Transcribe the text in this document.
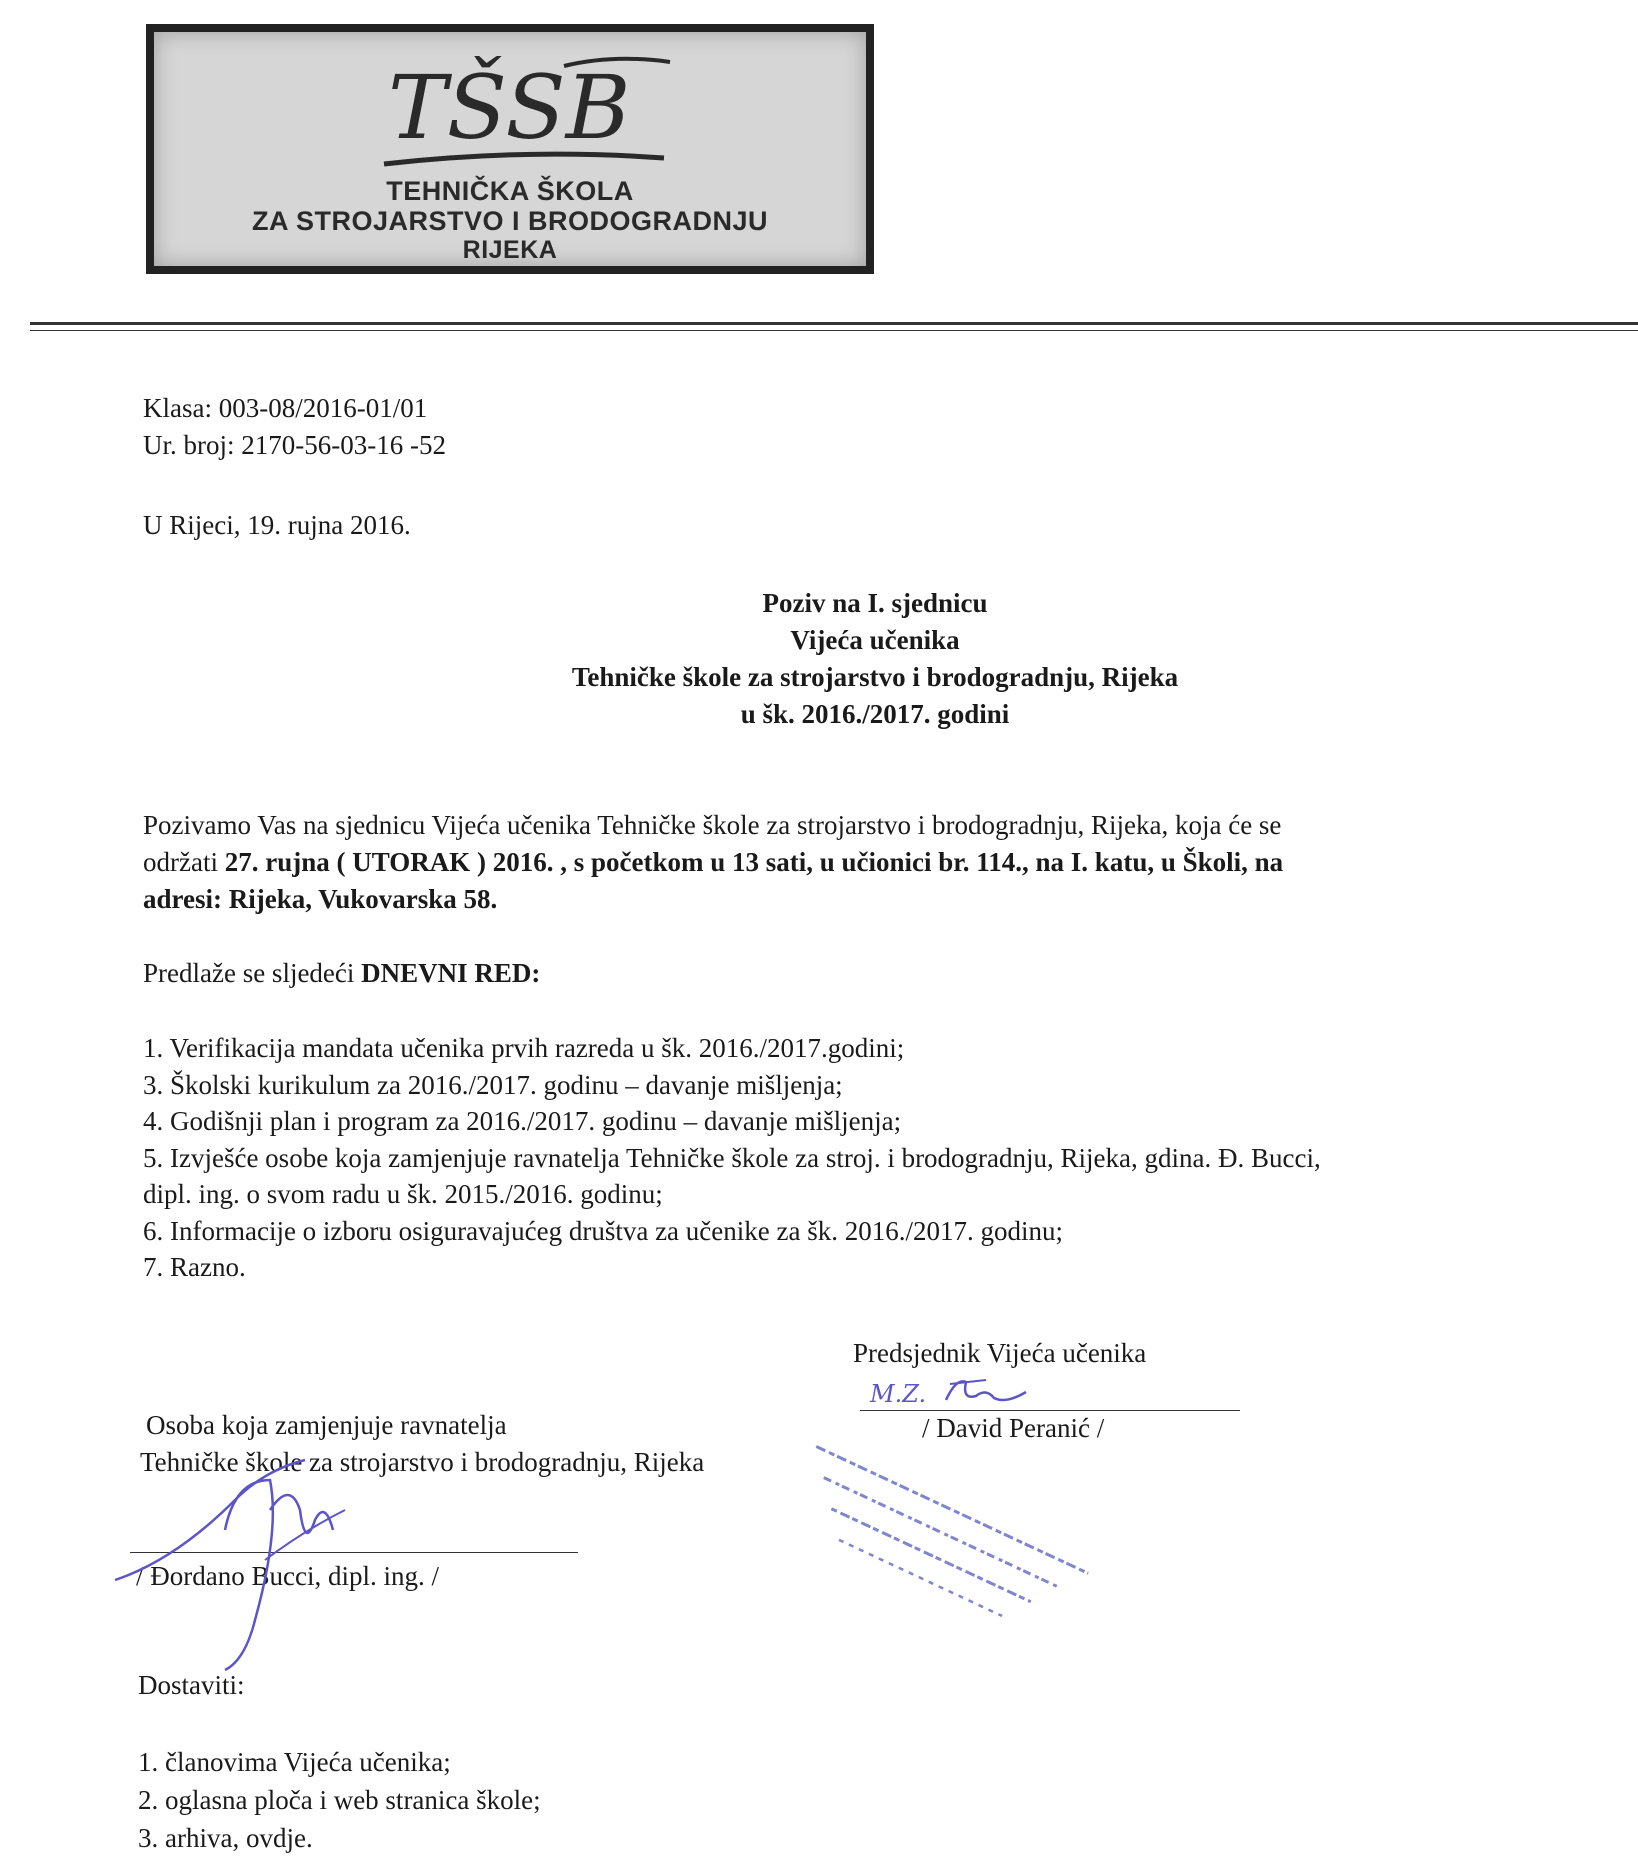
TŠSB
TEHNIČKA ŠKOLA
ZA STROJARSTVO I BRODOGRADNJU
RIJEKA
Klasa: 003-08/2016-01/01
Ur. broj: 2170-56-03-16 -52
U Rijeci, 19. rujna 2016.
Poziv na I. sjednicu
Vijeća učenika
Tehničke škole za strojarstvo i brodogradnju, Rijeka
u šk. 2016./2017. godini
Pozivamo Vas na sjednicu Vijeća učenika Tehničke škole za strojarstvo i brodogradnju, Rijeka, koja će se
održati 27. rujna ( UTORAK ) 2016. , s početkom u 13 sati, u učionici br. 114., na I. katu, u Školi, na
adresi: Rijeka, Vukovarska 58.
Predlaže se sljedeći DNEVNI RED:
1. Verifikacija mandata učenika prvih razreda u šk. 2016./2017.godini;
3. Školski kurikulum za 2016./2017. godinu – davanje mišljenja;
4. Godišnji plan i program za 2016./2017. godinu – davanje mišljenja;
5. Izvješće osobe koja zamjenjuje ravnatelja Tehničke škole za stroj. i brodogradnju, Rijeka, gdina. Đ. Bucci,
dipl. ing. o svom radu u šk. 2015./2016. godinu;
6. Informacije o izboru osiguravajućeg društva za učenike za šk. 2016./2017. godinu;
7. Razno.
Predsjednik Vijeća učenika
M.Z.
/ David Peranić /
Osoba koja zamjenjuje ravnatelja
Tehničke škole za strojarstvo i brodogradnju, Rijeka
/ Đordano Bucci, dipl. ing. /
Dostaviti:
1. članovima Vijeća učenika;
2. oglasna ploča i web stranica škole;
3. arhiva, ovdje.
